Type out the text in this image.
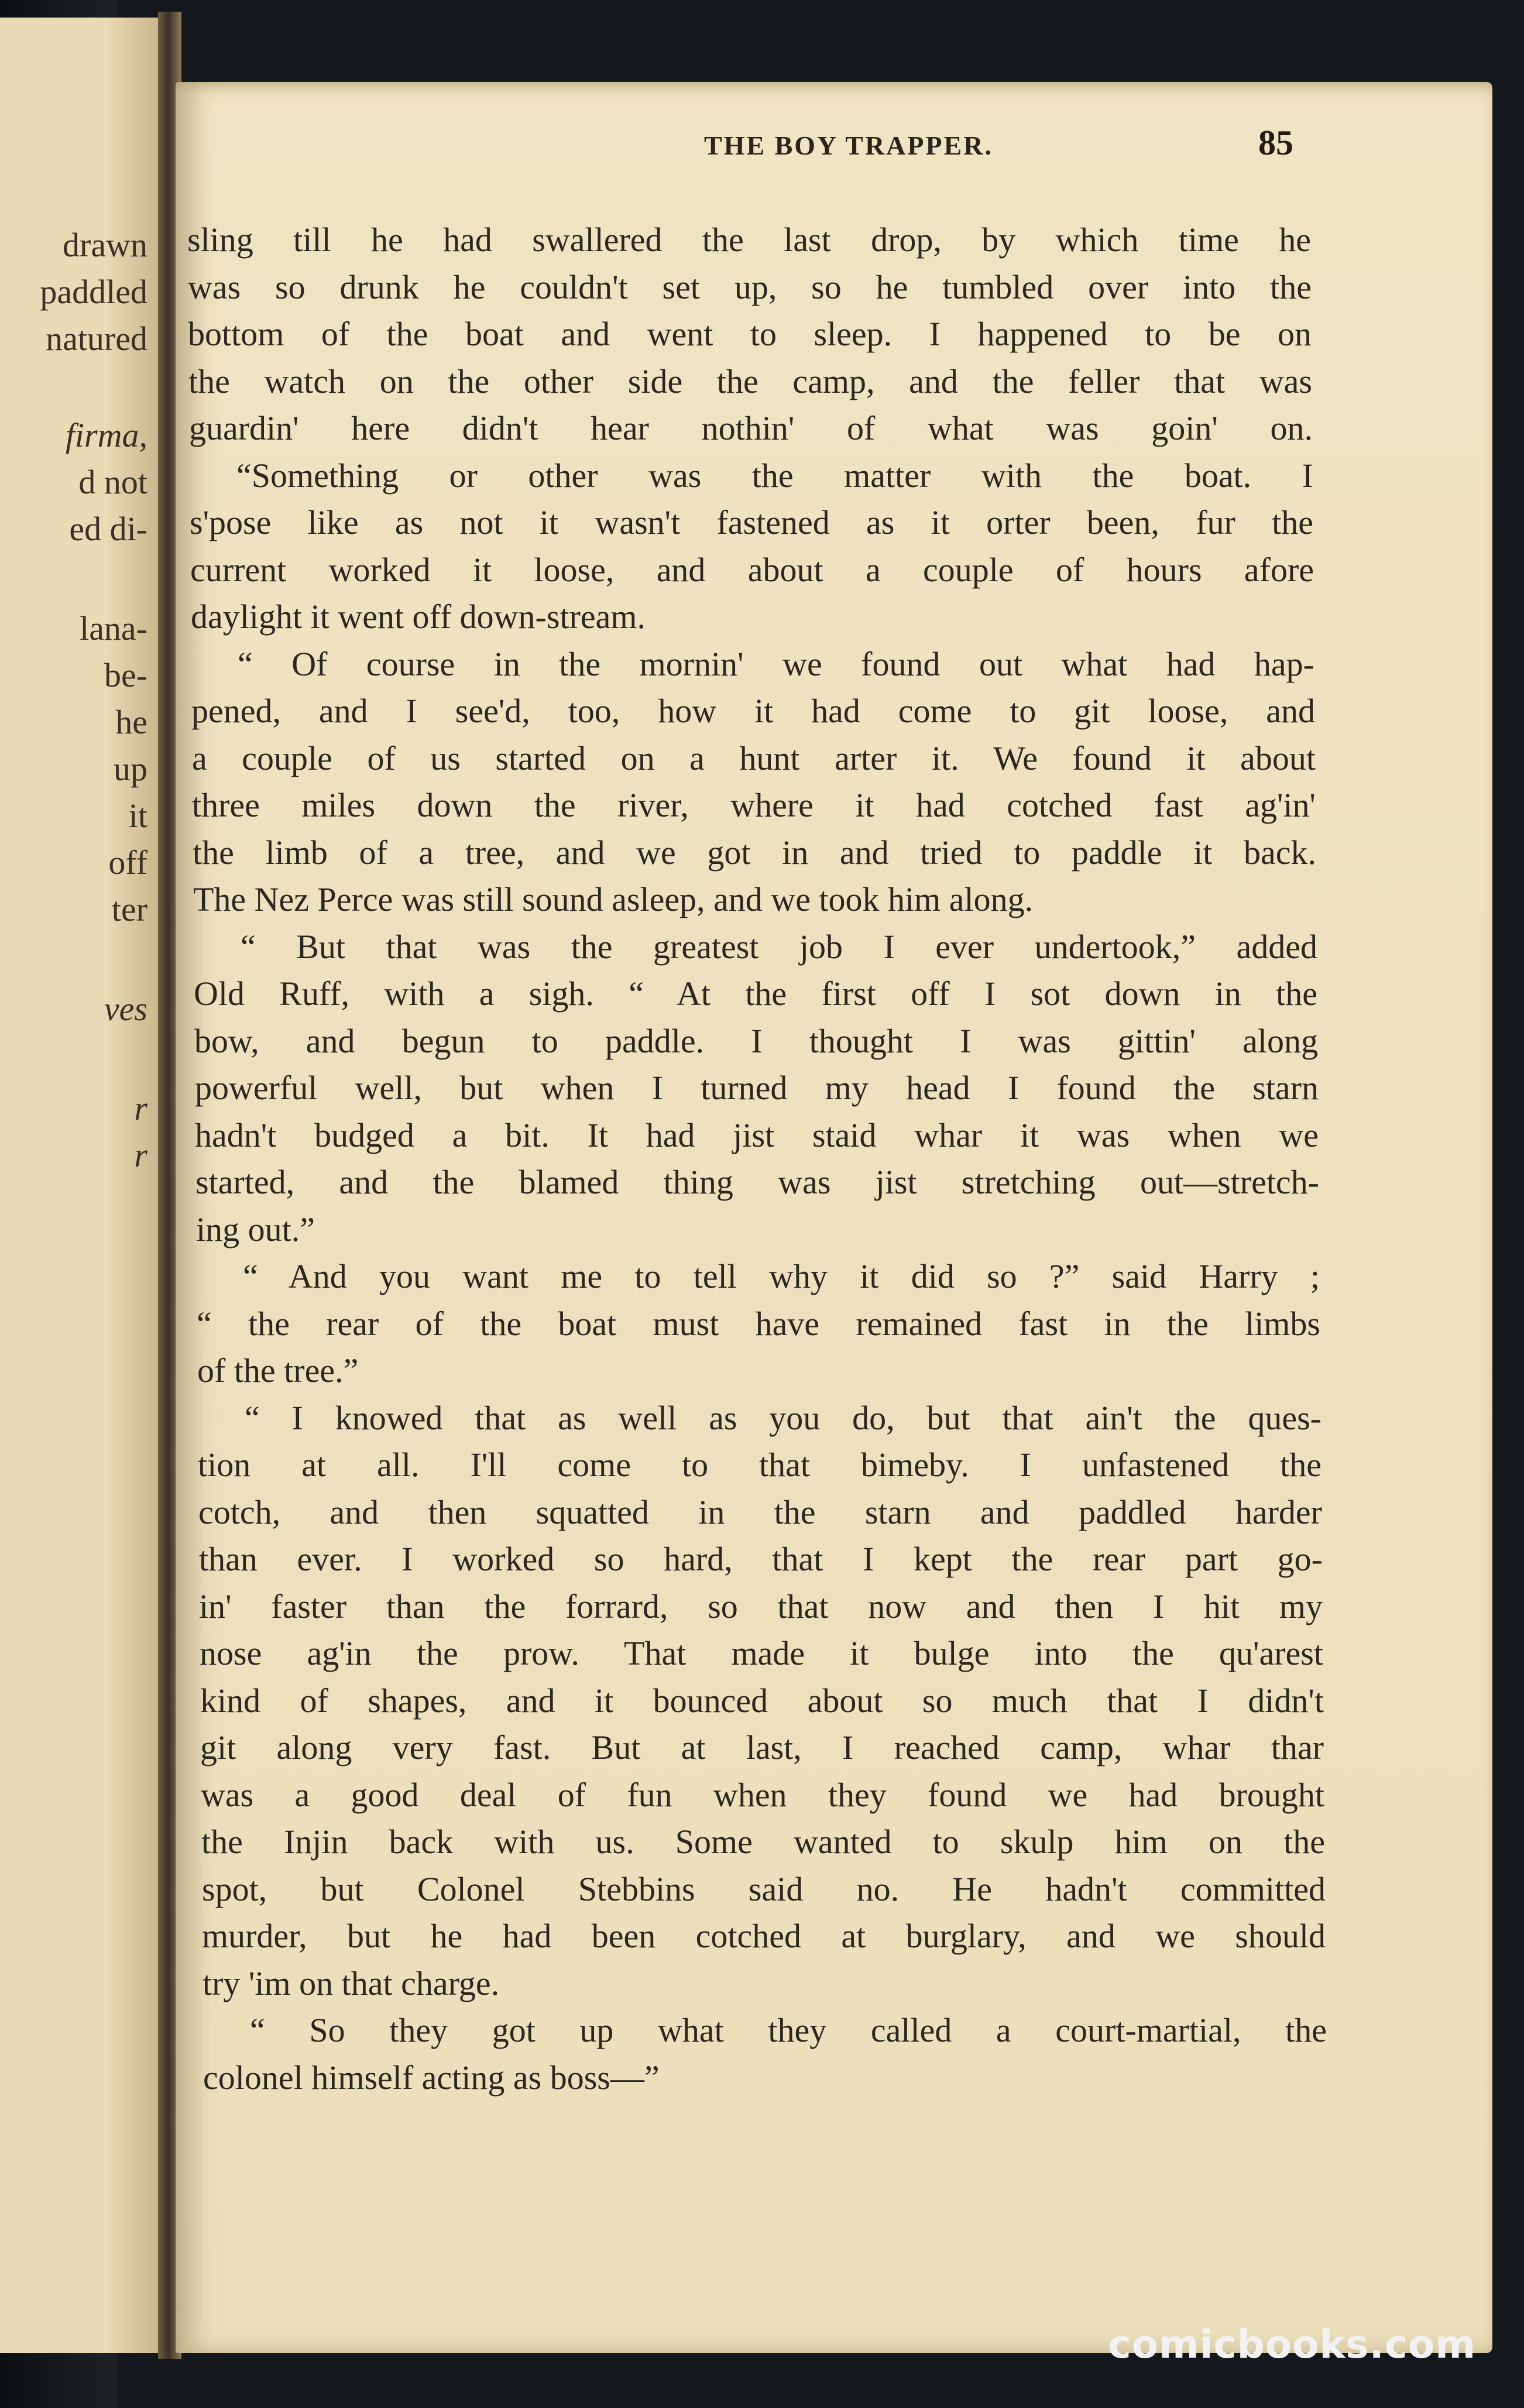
drawn
paddled
natured
firma,
d not
ed di-
lana-
be-
he
up
it
off
ter
ves
r
r
THE BOY TRAPPER.	85
sling till he had swallered the last drop, by which time he
was so drunk he couldn't set up, so he tumbled over into the
bottom of the boat and went to sleep. I happened to be on
the watch on the other side the camp, and the feller that was
guardin' here didn't hear nothin' of what was goin' on.
“Something or other was the matter with the boat. I
s'pose like as not it wasn't fastened as it orter been, fur the
current worked it loose, and about a couple of hours afore
daylight it went off down-stream.
“ Of course in the mornin' we found out what had hap-
pened, and I see'd, too, how it had come to git loose, and
a couple of us started on a hunt arter it. We found it about
three miles down the river, where it had cotched fast ag'in'
the limb of a tree, and we got in and tried to paddle it back.
The Nez Perce was still sound asleep, and we took him along.
“ But that was the greatest job I ever undertook,” added
Old Ruff, with a sigh. “ At the first off I sot down in the
bow, and begun to paddle. I thought I was gittin' along
powerful well, but when I turned my head I found the starn
hadn't budged a bit. It had jist staid whar it was when we
started, and the blamed thing was jist stretching out—stretch-
ing out.”
“ And you want me to tell why it did so ?” said Harry ;
“ the rear of the boat must have remained fast in the limbs
of the tree.”
“ I knowed that as well as you do, but that ain't the ques-
tion at all. I'll come to that bimeby. I unfastened the
cotch, and then squatted in the starn and paddled harder
than ever. I worked so hard, that I kept the rear part go-
in' faster than the forrard, so that now and then I hit my
nose ag'in the prow. That made it bulge into the qu'arest
kind of shapes, and it bounced about so much that I didn't
git along very fast. But at last, I reached camp, whar thar
was a good deal of fun when they found we had brought
the Injin back with us. Some wanted to skulp him on the
spot, but Colonel Stebbins said no. He hadn't committed
murder, but he had been cotched at burglary, and we should
try 'im on that charge.
“ So they got up what they called a court-martial, the
colonel himself acting as boss—”
comicbooks.com
